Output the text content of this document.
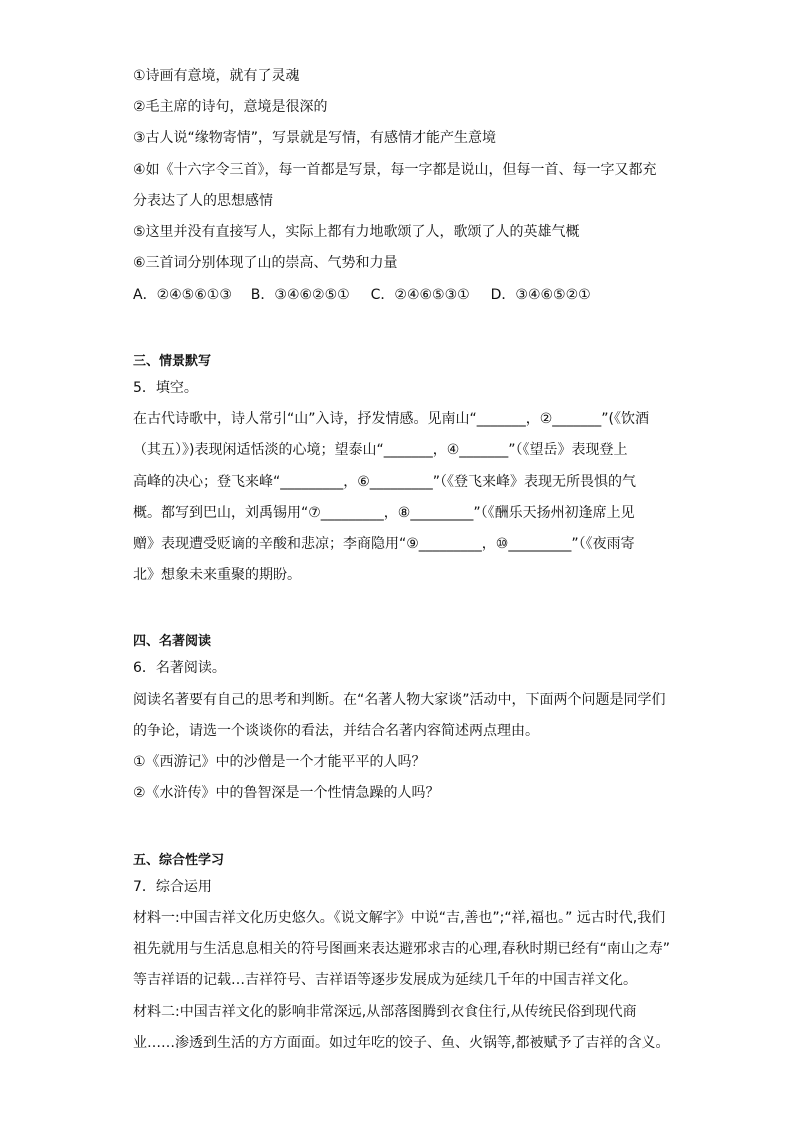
①诗画有意境，就有了灵魂
②毛主席的诗句，意境是很深的
③古人说“缘物寄情”，写景就是写情，有感情才能产生意境
④如《十六字令三首》，每一首都是写景，每一字都是说山，但每一首、每一字又都充
分表达了人的思想感情
⑤这里并没有直接写人，实际上都有力地歌颂了人，歌颂了人的英雄气概
⑥三首词分别体现了山的崇高、气势和力量
A．②④⑤⑥①③ B．③④⑥②⑤① C．②④⑥⑤③① D．③④⑥⑤②①
三、情景默写
5．填空。
在古代诗歌中，诗人常引“山”入诗，抒发情感。见南山“_______，②_______”(《饮酒
（其五）》)表现闲适恬淡的心境；望泰山“_______，④_______”（《望岳》表现登上
高峰的决心；登飞来峰“_________，⑥_________”（《登飞来峰》表现无所畏惧的气
概。都写到巴山，刘禹锡用“⑦_________，⑧_________”（《酬乐天扬州初逢席上见
赠》表现遭受贬谪的辛酸和悲凉；李商隐用“⑨_________，⑩_________”（《夜雨寄
北》想象未来重聚的期盼。
四、名著阅读
6．名著阅读。
阅读名著要有自己的思考和判断。在“名著人物大家谈”活动中，下面两个问题是同学们
的争论，请选一个谈谈你的看法，并结合名著内容简述两点理由。
①《西游记》中的沙僧是一个才能平平的人吗？
②《水浒传》中的鲁智深是一个性情急躁的人吗？
五、综合性学习
7．综合运用
材料一:中国吉祥文化历史悠久。《说文解字》中说“吉,善也”;“祥,福也。” 远古时代,我们
祖先就用与生活息息相关的符号图画来表达避邪求吉的心理,春秋时期已经有“南山之寿”
等吉祥语的记载…吉祥符号、吉祥语等逐步发展成为延续几千年的中国吉祥文化。
材料二:中国吉祥文化的影响非常深远,从部落图腾到衣食住行,从传统民俗到现代商
业……渗透到生活的方方面面。如过年吃的饺子、鱼、火锅等,都被赋予了吉祥的含义。
